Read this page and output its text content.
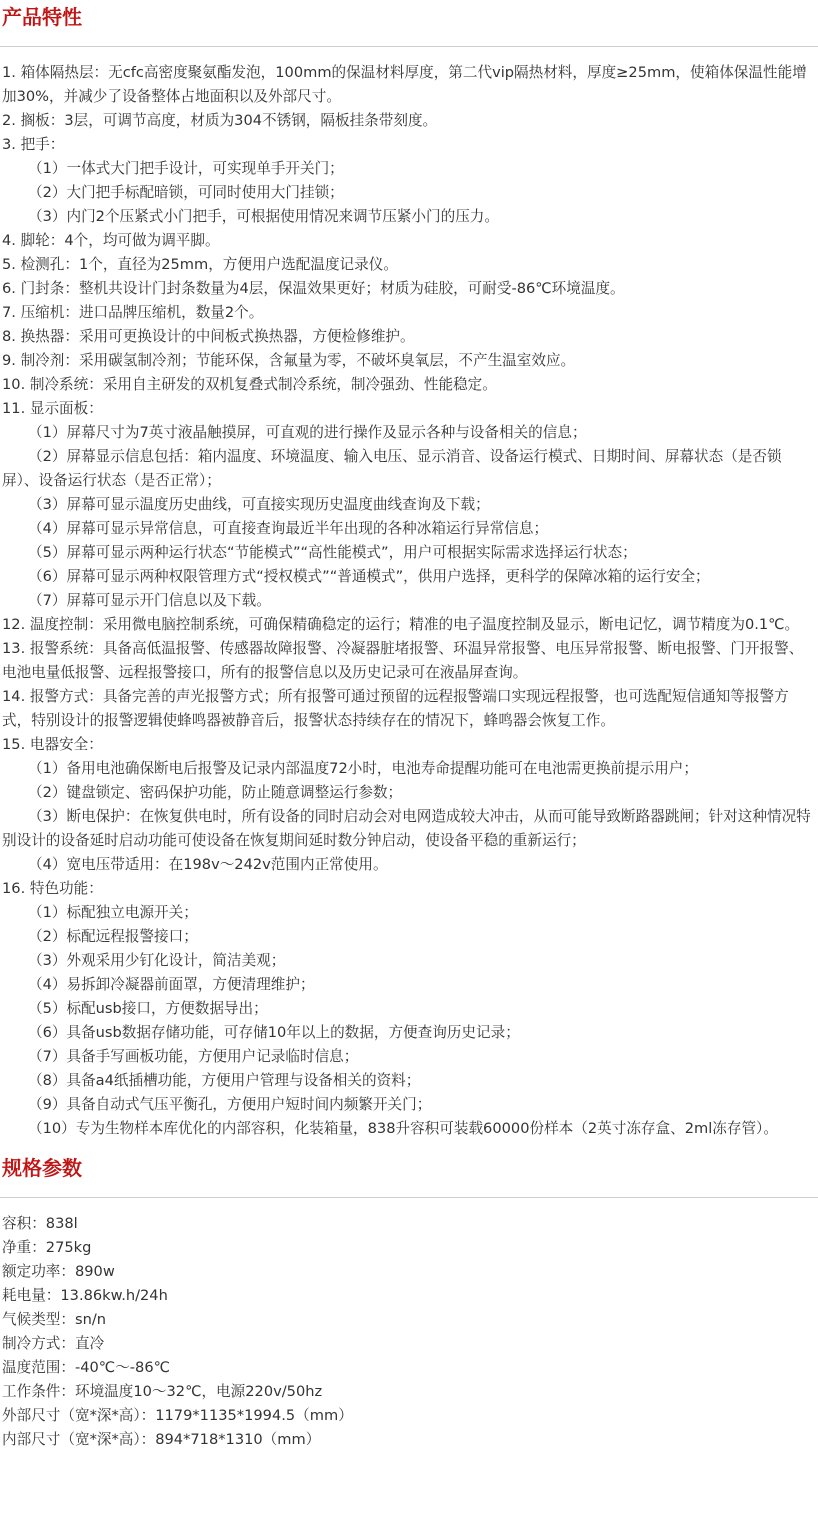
产品特性
1. 箱体隔热层：无cfc高密度聚氨酯发泡，100mm的保温材料厚度，第二代vip隔热材料，厚度≥25mm，使箱体保温性能增加30%，并减少了设备整体占地面积以及外部尺寸。
2. 搁板：3层，可调节高度，材质为304不锈钢，隔板挂条带刻度。
3. 把手：
（1）一体式大门把手设计，可实现单手开关门；
（2）大门把手标配暗锁，可同时使用大门挂锁；
（3）内门2个压紧式小门把手，可根据使用情况来调节压紧小门的压力。
4. 脚轮：4个，均可做为调平脚。
5. 检测孔：1个，直径为25mm，方便用户选配温度记录仪。
6. 门封条：整机共设计门封条数量为4层，保温效果更好；材质为硅胶，可耐受-86℃环境温度。
7. 压缩机：进口品牌压缩机，数量2个。
8. 换热器：采用可更换设计的中间板式换热器，方便检修维护。
9. 制冷剂：采用碳氢制冷剂；节能环保，含氟量为零，不破坏臭氧层，不产生温室效应。
10. 制冷系统：采用自主研发的双机复叠式制冷系统，制冷强劲、性能稳定。
11. 显示面板：
（1）屏幕尺寸为7英寸液晶触摸屏，可直观的进行操作及显示各种与设备相关的信息；
（2）屏幕显示信息包括：箱内温度、环境温度、输入电压、显示消音、设备运行模式、日期时间、屏幕状态（是否锁屏）、设备运行状态（是否正常）；
（3）屏幕可显示温度历史曲线，可直接实现历史温度曲线查询及下载；
（4）屏幕可显示异常信息，可直接查询最近半年出现的各种冰箱运行异常信息；
（5）屏幕可显示两种运行状态“节能模式”“高性能模式”，用户可根据实际需求选择运行状态；
（6）屏幕可显示两种权限管理方式“授权模式”“普通模式”，供用户选择，更科学的保障冰箱的运行安全；
（7）屏幕可显示开门信息以及下载。
12. 温度控制：采用微电脑控制系统，可确保精确稳定的运行；精准的电子温度控制及显示，断电记忆，调节精度为0.1℃。
13. 报警系统：具备高低温报警、传感器故障报警、冷凝器脏堵报警、环温异常报警、电压异常报警、断电报警、门开报警、电池电量低报警、远程报警接口，所有的报警信息以及历史记录可在液晶屏查询。
14. 报警方式：具备完善的声光报警方式；所有报警可通过预留的远程报警端口实现远程报警，也可选配短信通知等报警方式，特别设计的报警逻辑使蜂鸣器被静音后，报警状态持续存在的情况下，蜂鸣器会恢复工作。
15. 电器安全：
（1）备用电池确保断电后报警及记录内部温度72小时，电池寿命提醒功能可在电池需更换前提示用户；
（2）键盘锁定、密码保护功能，防止随意调整运行参数；
（3）断电保护：在恢复供电时，所有设备的同时启动会对电网造成较大冲击，从而可能导致断路器跳闸；针对这种情况特别设计的设备延时启动功能可使设备在恢复期间延时数分钟启动，使设备平稳的重新运行；
（4）宽电压带适用：在198v～242v范围内正常使用。
16. 特色功能：
（1）标配独立电源开关；
（2）标配远程报警接口；
（3）外观采用少钉化设计，简洁美观；
（4）易拆卸冷凝器前面罩，方便清理维护；
（5）标配usb接口，方便数据导出；
（6）具备usb数据存储功能，可存储10年以上的数据，方便查询历史记录；
（7）具备手写画板功能，方便用户记录临时信息；
（8）具备a4纸插槽功能，方便用户管理与设备相关的资料；
（9）具备自动式气压平衡孔，方便用户短时间内频繁开关门；
（10）专为生物样本库优化的内部容积，化装箱量，838升容积可装载60000份样本（2英寸冻存盒、2ml冻存管）。
规格参数
容积：838l
净重：275kg
额定功率：890w
耗电量：13.86kw.h/24h
气候类型：sn/n
制冷方式：直冷
温度范围：-40℃～-86℃
工作条件：环境温度10～32℃，电源220v/50hz
外部尺寸（宽*深*高）：1179*1135*1994.5（mm）
内部尺寸（宽*深*高）：894*718*1310（mm）
